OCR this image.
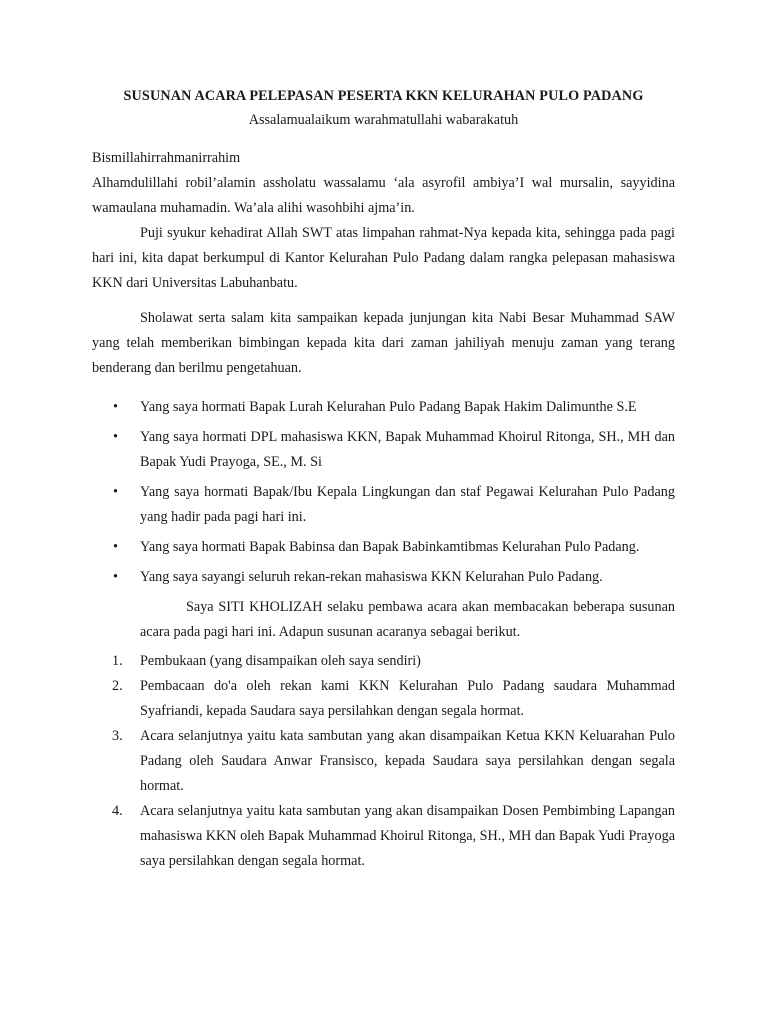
SUSUNAN ACARA PELEPASAN PESERTA KKN KELURAHAN PULO PADANG
Assalamualaikum warahmatullahi wabarakatuh

Bismillahirrahmanirrahim

Alhamdulillahi robil’alamin assholatu wassalamu ‘ala asyrofil ambiya’I wal mursalin, sayyidina wamaulana muhamadin. Wa’ala alihi wasohbihi ajma’in.

Puji syukur kehadirat Allah SWT atas limpahan rahmat-Nya kepada kita, sehingga pada pagi hari ini, kita dapat berkumpul di Kantor Kelurahan Pulo Padang dalam rangka pelepasan mahasiswa KKN dari Universitas Labuhanbatu.

Sholawat serta salam kita sampaikan kepada junjungan kita Nabi Besar Muhammad SAW yang telah memberikan bimbingan kepada kita dari zaman jahiliyah menuju zaman yang terang benderang dan berilmu pengetahuan.

• Yang saya hormati Bapak Lurah Kelurahan Pulo Padang Bapak Hakim Dalimunthe S.E
• Yang saya hormati DPL mahasiswa KKN, Bapak Muhammad Khoirul Ritonga, SH., MH dan Bapak Yudi Prayoga, SE., M. Si
• Yang saya hormati Bapak/Ibu Kepala Lingkungan dan staf Pegawai Kelurahan Pulo Padang yang hadir pada pagi hari ini.
• Yang saya hormati Bapak Babinsa dan Bapak Babinkamtibmas Kelurahan Pulo Padang.
• Yang saya sayangi seluruh rekan-rekan mahasiswa KKN Kelurahan Pulo Padang.

Saya SITI KHOLIZAH selaku pembawa acara akan membacakan beberapa susunan acara pada pagi hari ini. Adapun susunan acaranya sebagai berikut.

1. Pembukaan (yang disampaikan oleh saya sendiri)
2. Pembacaan do'a oleh rekan kami KKN Kelurahan Pulo Padang saudara Muhammad Syafriandi, kepada Saudara saya persilahkan dengan segala hormat.
3. Acara selanjutnya yaitu kata sambutan yang akan disampaikan Ketua KKN Keluarahan Pulo Padang oleh Saudara Anwar Fransisco, kepada Saudara saya persilahkan dengan segala hormat.
4. Acara selanjutnya yaitu kata sambutan yang akan disampaikan Dosen Pembimbing Lapangan mahasiswa KKN oleh Bapak Muhammad Khoirul Ritonga, SH., MH dan Bapak Yudi Prayoga saya persilahkan dengan segala hormat.
